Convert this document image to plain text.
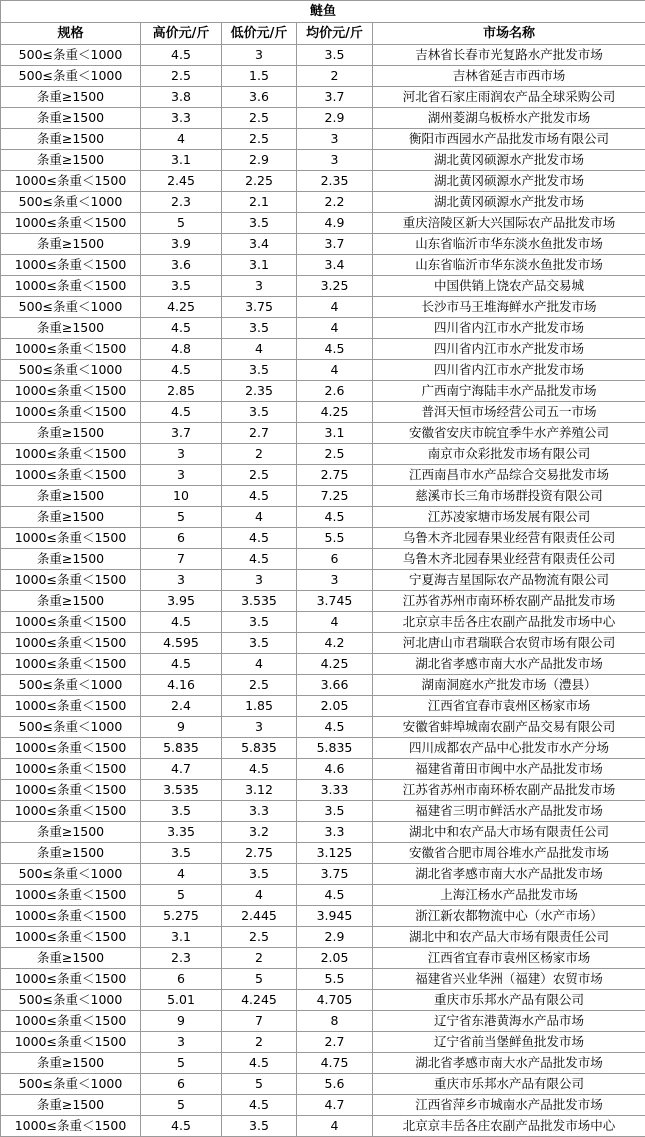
鲢鱼				
规格	高价元/斤	低价元/斤	均价元/斤	市场名称
500≤条重＜1000	4.5	3	3.5	吉林省长春市光复路水产批发市场
500≤条重＜1000	2.5	1.5	2	吉林省延吉市西市场
条重≥1500	3.8	3.6	3.7	河北省石家庄雨润农产品全球采购公司
条重≥1500	3.3	2.5	2.9	湖州菱湖乌板桥水产批发市场
条重≥1500	4	2.5	3	衡阳市西园水产品批发市场有限公司
条重≥1500	3.1	2.9	3	湖北黄冈硕源水产批发市场
1000≤条重＜1500	2.45	2.25	2.35	湖北黄冈硕源水产批发市场
500≤条重＜1000	2.3	2.1	2.2	湖北黄冈硕源水产批发市场
1000≤条重＜1500	5	3.5	4.9	重庆涪陵区新大兴国际农产品批发市场
条重≥1500	3.9	3.4	3.7	山东省临沂市华东淡水鱼批发市场
1000≤条重＜1500	3.6	3.1	3.4	山东省临沂市华东淡水鱼批发市场
1000≤条重＜1500	3.5	3	3.25	中国供销上饶农产品交易城
500≤条重＜1000	4.25	3.75	4	长沙市马王堆海鲜水产批发市场
条重≥1500	4.5	3.5	4	四川省内江市水产批发市场
1000≤条重＜1500	4.8	4	4.5	四川省内江市水产批发市场
500≤条重＜1000	4.5	3.5	4	四川省内江市水产批发市场
1000≤条重＜1500	2.85	2.35	2.6	广西南宁海陆丰水产品批发市场
1000≤条重＜1500	4.5	3.5	4.25	普洱天恒市场经营公司五一市场
条重≥1500	3.7	2.7	3.1	安徽省安庆市皖宜季牛水产养殖公司
1000≤条重＜1500	3	2	2.5	南京市众彩批发市场有限公司
1000≤条重＜1500	3	2.5	2.75	江西南昌市水产品综合交易批发市场
条重≥1500	10	4.5	7.25	慈溪市长三角市场群投资有限公司
条重≥1500	5	4	4.5	江苏凌家塘市场发展有限公司
1000≤条重＜1500	6	4.5	5.5	乌鲁木齐北园春果业经营有限责任公司
条重≥1500	7	4.5	6	乌鲁木齐北园春果业经营有限责任公司
1000≤条重＜1500	3	3	3	宁夏海吉星国际农产品物流有限公司
条重≥1500	3.95	3.535	3.745	江苏省苏州市南环桥农副产品批发市场
1000≤条重＜1500	4.5	3.5	4	北京京丰岳各庄农副产品批发市场中心
1000≤条重＜1500	4.595	3.5	4.2	河北唐山市君瑞联合农贸市场有限公司
1000≤条重＜1500	4.5	4	4.25	湖北省孝感市南大水产品批发市场
500≤条重＜1000	4.16	2.5	3.66	湖南洞庭水产批发市场（澧县）
1000≤条重＜1500	2.4	1.85	2.05	江西省宜春市袁州区杨家市场
500≤条重＜1000	9	3	4.5	安徽省蚌埠城南农副产品交易有限公司
1000≤条重＜1500	5.835	5.835	5.835	四川成都农产品中心批发市水产分场
1000≤条重＜1500	4.7	4.5	4.6	福建省莆田市闽中水产品批发市场
1000≤条重＜1500	3.535	3.12	3.33	江苏省苏州市南环桥农副产品批发市场
1000≤条重＜1500	3.5	3.3	3.5	福建省三明市鲜活水产品批发市场
条重≥1500	3.35	3.2	3.3	湖北中和农产品大市场有限责任公司
条重≥1500	3.5	2.75	3.125	安徽省合肥市周谷堆水产品批发市场
500≤条重＜1000	4	3.5	3.75	湖北省孝感市南大水产品批发市场
1000≤条重＜1500	5	4	4.5	上海江杨水产品批发市场
1000≤条重＜1500	5.275	2.445	3.945	浙江新农都物流中心（水产市场）
1000≤条重＜1500	3.1	2.5	2.9	湖北中和农产品大市场有限责任公司
条重≥1500	2.3	2	2.05	江西省宜春市袁州区杨家市场
1000≤条重＜1500	6	5	5.5	福建省兴业华洲（福建）农贸市场
500≤条重＜1000	5.01	4.245	4.705	重庆市乐邦水产品有限公司
1000≤条重＜1500	9	7	8	辽宁省东港黄海水产品市场
1000≤条重＜1500	3	2	2.7	辽宁省前当堡鲜鱼批发市场
条重≥1500	5	4.5	4.75	湖北省孝感市南大水产品批发市场
500≤条重＜1000	6	5	5.6	重庆市乐邦水产品有限公司
条重≥1500	5	4.5	4.7	江西省萍乡市城南水产品批发市场
1000≤条重＜1500	4.5	3.5	4	北京京丰岳各庄农副产品批发市场中心
